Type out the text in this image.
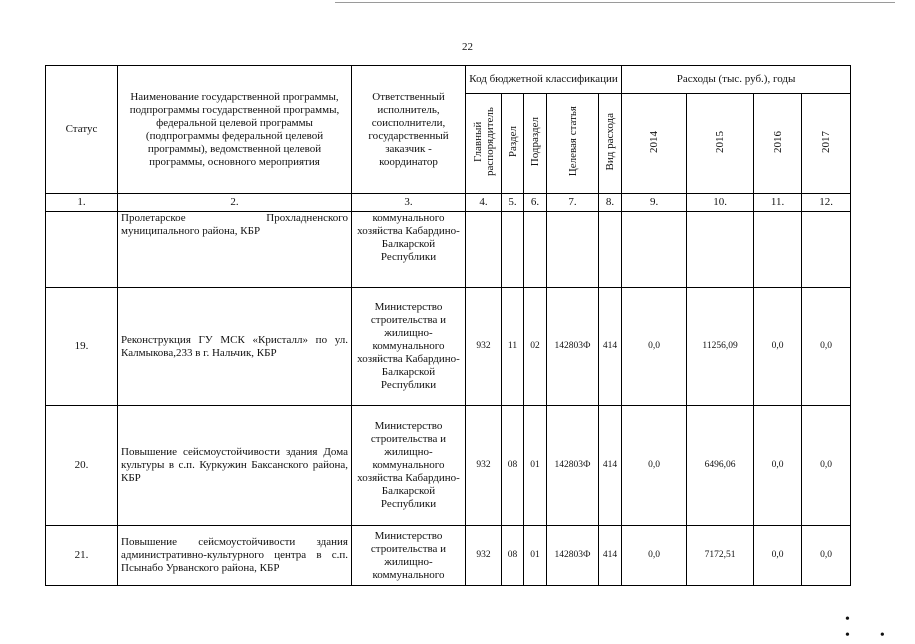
22
Статус	Наименование государственной программы, подпрограммы государственной программы, федеральной целевой программы (подпрограммы федеральной целевой программы), ведомственной целевой программы, основного мероприятия	Ответственный исполнитель, соисполнители, государственный заказчик - координатор	Код бюджетной классификации					Расходы (тыс. руб.), годы			
			Главный распорядитель	Раздел	Подраздел	Целевая статья	Вид расхода	2014	2015	2016	2017
1.	2.	3.	4.	5.	6.	7.	8.	9.	10.	11.	12.
	Пролетарское Прохладненского муниципального района, КБР	коммунального хозяйства Кабардино-Балкарской Республики									
19.	Реконструкция ГУ МСК «Кристалл» по ул. Калмыкова,233 в г. Нальчик, КБР	Министерство строительства и жилищно-коммунального хозяйства Кабардино-Балкарской Республики	932	11	02	142803Ф	414	0,0	11256,09	0,0	0,0
20.	Повышение сейсмоустойчивости здания Дома культуры в с.п. Куркужин Баксанского района, КБР	Министерство строительства и жилищно-коммунального хозяйства Кабардино-Балкарской Республики	932	08	01	142803Ф	414	0,0	6496,06	0,0	0,0
21.	Повышение сейсмоустойчивости здания административно-культурного центра в с.п. Псынабо Урванского района, КБР	Министерство строительства и жилищно-коммунального	932	08	01	142803Ф	414	0,0	7172,51	0,0	0,0
• ••
